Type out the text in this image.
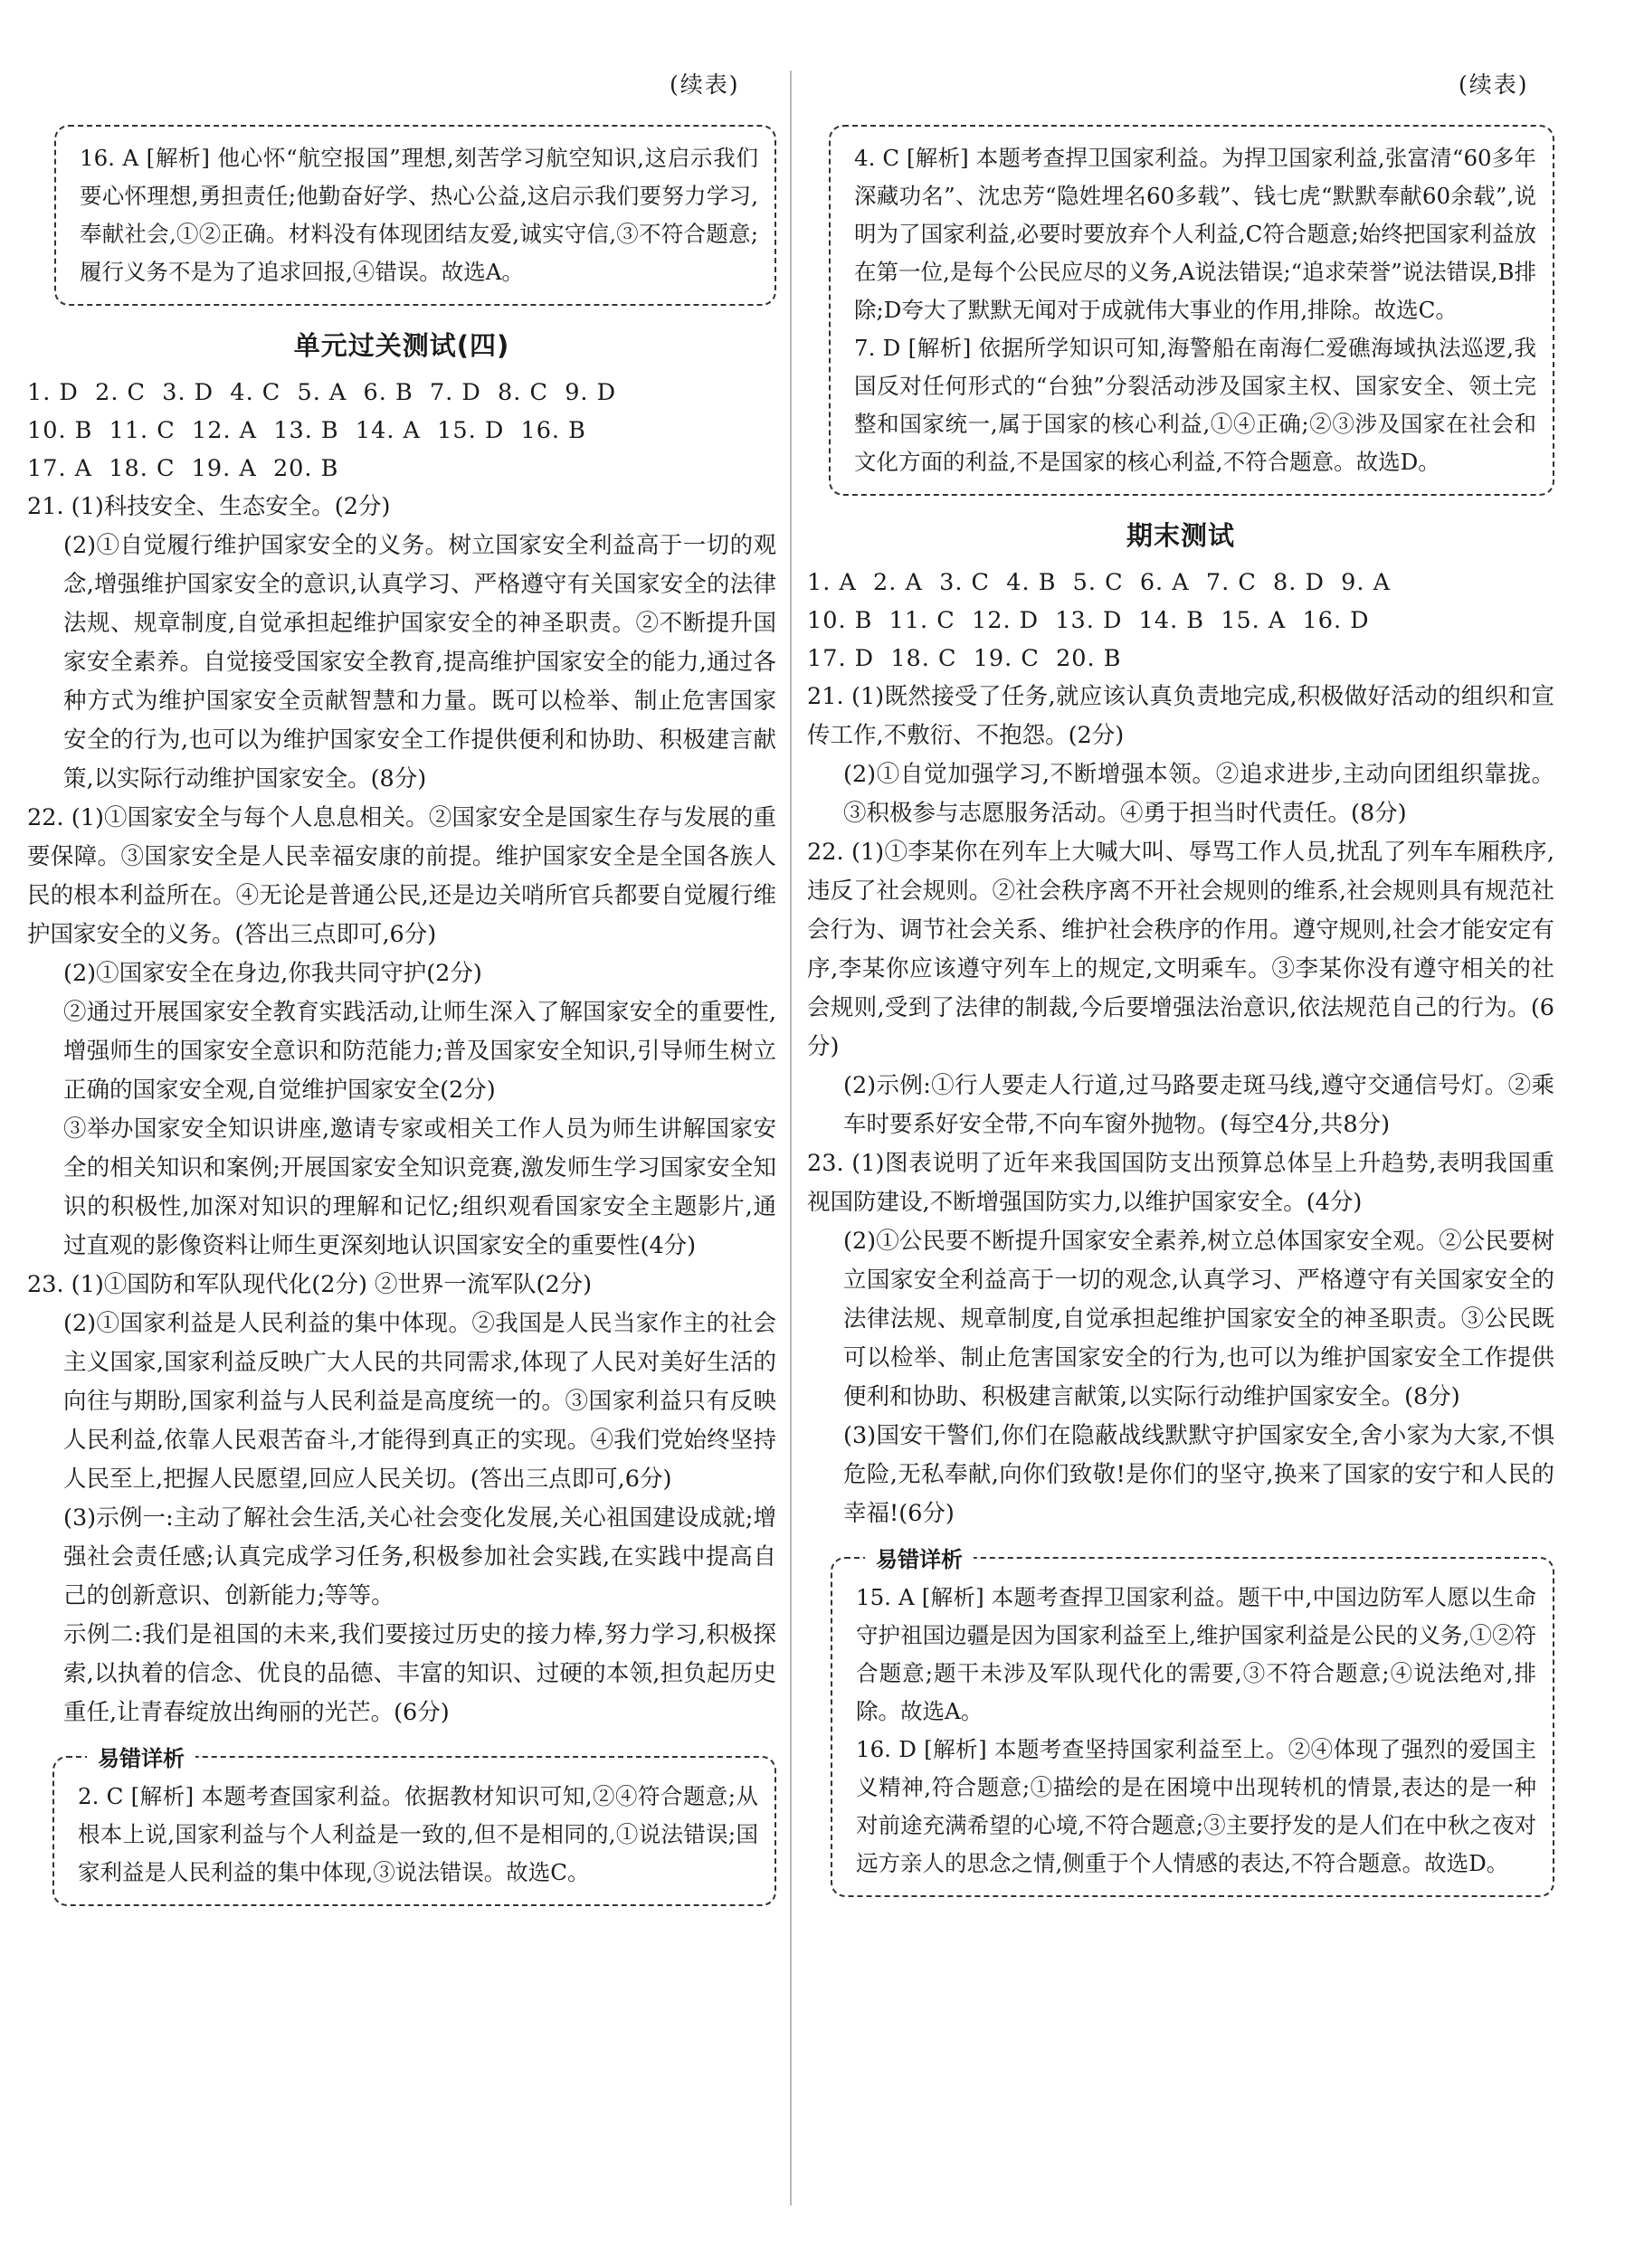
(续表)	(续表)

16. A [解析] 他心怀“航空报国”理想,刻苦学习航空知识,这启示我们要心怀理想,勇担责任;他勤奋好学、热心公益,这启示我们要努力学习,奉献社会,①②正确。材料没有体现团结友爱,诚实守信,③不符合题意;履行义务不是为了追求回报,④错误。故选A。

单元过关测试(四)

1. D  2. C  3. D  4. C  5. A  6. B  7. D  8. C  9. D

10. B  11. C  12. A  13. B  14. A  15. D  16. B

17. A  18. C  19. A  20. B

21. (1)科技安全、生态安全。(2分)

(2)①自觉履行维护国家安全的义务。树立国家安全利益高于一切的观念,增强维护国家安全的意识,认真学习、严格遵守有关国家安全的法律法规、规章制度,自觉承担起维护国家安全的神圣职责。②不断提升国家安全素养。自觉接受国家安全教育,提高维护国家安全的能力,通过各种方式为维护国家安全贡献智慧和力量。既可以检举、制止危害国家安全的行为,也可以为维护国家安全工作提供便利和协助、积极建言献策,以实际行动维护国家安全。(8分)

22. (1)①国家安全与每个人息息相关。②国家安全是国家生存与发展的重要保障。③国家安全是人民幸福安康的前提。维护国家安全是全国各族人民的根本利益所在。④无论是普通公民,还是边关哨所官兵都要自觉履行维护国家安全的义务。(答出三点即可,6分)

(2)①国家安全在身边,你我共同守护(2分)

②通过开展国家安全教育实践活动,让师生深入了解国家安全的重要性,增强师生的国家安全意识和防范能力;普及国家安全知识,引导师生树立正确的国家安全观,自觉维护国家安全(2分)

③举办国家安全知识讲座,邀请专家或相关工作人员为师生讲解国家安全的相关知识和案例;开展国家安全知识竞赛,激发师生学习国家安全知识的积极性,加深对知识的理解和记忆;组织观看国家安全主题影片,通过直观的影像资料让师生更深刻地认识国家安全的重要性(4分)

23. (1)①国防和军队现代化(2分) ②世界一流军队(2分)

(2)①国家利益是人民利益的集中体现。②我国是人民当家作主的社会主义国家,国家利益反映广大人民的共同需求,体现了人民对美好生活的向往与期盼,国家利益与人民利益是高度统一的。③国家利益只有反映人民利益,依靠人民艰苦奋斗,才能得到真正的实现。④我们党始终坚持人民至上,把握人民愿望,回应人民关切。(答出三点即可,6分)

(3)示例一:主动了解社会生活,关心社会变化发展,关心祖国建设成就;增强社会责任感;认真完成学习任务,积极参加社会实践,在实践中提高自己的创新意识、创新能力;等等。

示例二:我们是祖国的未来,我们要接过历史的接力棒,努力学习,积极探索,以执着的信念、优良的品德、丰富的知识、过硬的本领,担负起历史重任,让青春绽放出绚丽的光芒。(6分)

易错详析

2. C [解析] 本题考查国家利益。依据教材知识可知,②④符合题意;从根本上说,国家利益与个人利益是一致的,但不是相同的,①说法错误;国家利益是人民利益的集中体现,③说法错误。故选C。

4. C [解析] 本题考查捍卫国家利益。为捍卫国家利益,张富清“60多年深藏功名”、沈忠芳“隐姓埋名60多载”、钱七虎“默默奉献60余载”,说明为了国家利益,必要时要放弃个人利益,C符合题意;始终把国家利益放在第一位,是每个公民应尽的义务,A说法错误;“追求荣誉”说法错误,B排除;D夸大了默默无闻对于成就伟大事业的作用,排除。故选C。

7. D [解析] 依据所学知识可知,海警船在南海仁爱礁海域执法巡逻,我国反对任何形式的“台独”分裂活动涉及国家主权、国家安全、领土完整和国家统一,属于国家的核心利益,①④正确;②③涉及国家在社会和文化方面的利益,不是国家的核心利益,不符合题意。故选D。

期末测试

1. A  2. A  3. C  4. B  5. C  6. A  7. C  8. D  9. A

10. B  11. C  12. D  13. D  14. B  15. A  16. D

17. D  18. C  19. C  20. B

21. (1)既然接受了任务,就应该认真负责地完成,积极做好活动的组织和宣传工作,不敷衍、不抱怨。(2分)

(2)①自觉加强学习,不断增强本领。②追求进步,主动向团组织靠拢。③积极参与志愿服务活动。④勇于担当时代责任。(8分)

22. (1)①李某你在列车上大喊大叫、辱骂工作人员,扰乱了列车车厢秩序,违反了社会规则。②社会秩序离不开社会规则的维系,社会规则具有规范社会行为、调节社会关系、维护社会秩序的作用。遵守规则,社会才能安定有序,李某你应该遵守列车上的规定,文明乘车。③李某你没有遵守相关的社会规则,受到了法律的制裁,今后要增强法治意识,依法规范自己的行为。(6分)

(2)示例:①行人要走人行道,过马路要走斑马线,遵守交通信号灯。②乘车时要系好安全带,不向车窗外抛物。(每空4分,共8分)

23. (1)图表说明了近年来我国国防支出预算总体呈上升趋势,表明我国重视国防建设,不断增强国防实力,以维护国家安全。(4分)

(2)①公民要不断提升国家安全素养,树立总体国家安全观。②公民要树立国家安全利益高于一切的观念,认真学习、严格遵守有关国家安全的法律法规、规章制度,自觉承担起维护国家安全的神圣职责。③公民既可以检举、制止危害国家安全的行为,也可以为维护国家安全工作提供便利和协助、积极建言献策,以实际行动维护国家安全。(8分)

(3)国安干警们,你们在隐蔽战线默默守护国家安全,舍小家为大家,不惧危险,无私奉献,向你们致敬!是你们的坚守,换来了国家的安宁和人民的幸福!(6分)

易错详析

15. A [解析] 本题考查捍卫国家利益。题干中,中国边防军人愿以生命守护祖国边疆是因为国家利益至上,维护国家利益是公民的义务,①②符合题意;题干未涉及军队现代化的需要,③不符合题意;④说法绝对,排除。故选A。

16. D [解析] 本题考查坚持国家利益至上。②④体现了强烈的爱国主义精神,符合题意;①描绘的是在困境中出现转机的情景,表达的是一种对前途充满希望的心境,不符合题意;③主要抒发的是人们在中秋之夜对远方亲人的思念之情,侧重于个人情感的表达,不符合题意。故选D。
